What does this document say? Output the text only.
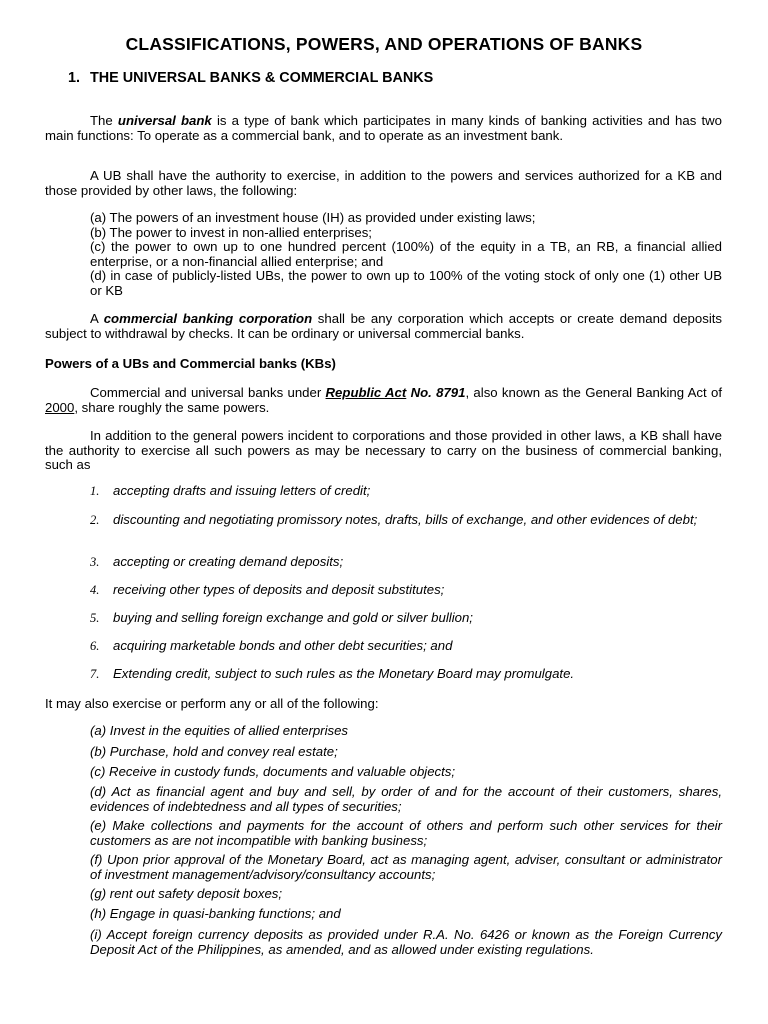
CLASSIFICATIONS, POWERS, AND OPERATIONS OF BANKS
1. THE UNIVERSAL BANKS & COMMERCIAL BANKS

The universal bank is a type of bank which participates in many kinds of banking activities and has two main functions: To operate as a commercial bank, and to operate as an investment bank.

A UB shall have the authority to exercise, in addition to the powers and services authorized for a KB and those provided by other laws, the following:

(a) The powers of an investment house (IH) as provided under existing laws;

(b) The power to invest in non-allied enterprises;

(c) the power to own up to one hundred percent (100%) of the equity in a TB, an RB, a financial allied enterprise, or a non-financial allied enterprise; and

(d) in case of publicly-listed UBs, the power to own up to 100% of the voting stock of only one (1) other UB or KB

A commercial banking corporation shall be any corporation which accepts or create demand deposits subject to withdrawal by checks. It can be ordinary or universal commercial banks.

Powers of a UBs and Commercial banks (KBs)

Commercial and universal banks under Republic Act No. 8791, also known as the General Banking Act of 2000, share roughly the same powers.

In addition to the general powers incident to corporations and those provided in other laws, a KB shall have the authority to exercise all such powers as may be necessary to carry on the business of commercial banking, such as

1. accepting drafts and issuing letters of credit;
2. discounting and negotiating promissory notes, drafts, bills of exchange, and other evidences of debt;
3. accepting or creating demand deposits;
4. receiving other types of deposits and deposit substitutes;
5. buying and selling foreign exchange and gold or silver bullion;
6. acquiring marketable bonds and other debt securities; and
7. Extending credit, subject to such rules as the Monetary Board may promulgate.

It may also exercise or perform any or all of the following:

(a) Invest in the equities of allied enterprises

(b) Purchase, hold and convey real estate;

(c) Receive in custody funds, documents and valuable objects;

(d) Act as financial agent and buy and sell, by order of and for the account of their customers, shares, evidences of indebtedness and all types of securities;

(e) Make collections and payments for the account of others and perform such other services for their customers as are not incompatible with banking business;

(f) Upon prior approval of the Monetary Board, act as managing agent, adviser, consultant or administrator of investment management/advisory/consultancy accounts;

(g) rent out safety deposit boxes;

(h) Engage in quasi-banking functions; and

(i) Accept foreign currency deposits as provided under R.A. No. 6426 or known as the Foreign Currency Deposit Act of the Philippines, as amended, and as allowed under existing regulations.
